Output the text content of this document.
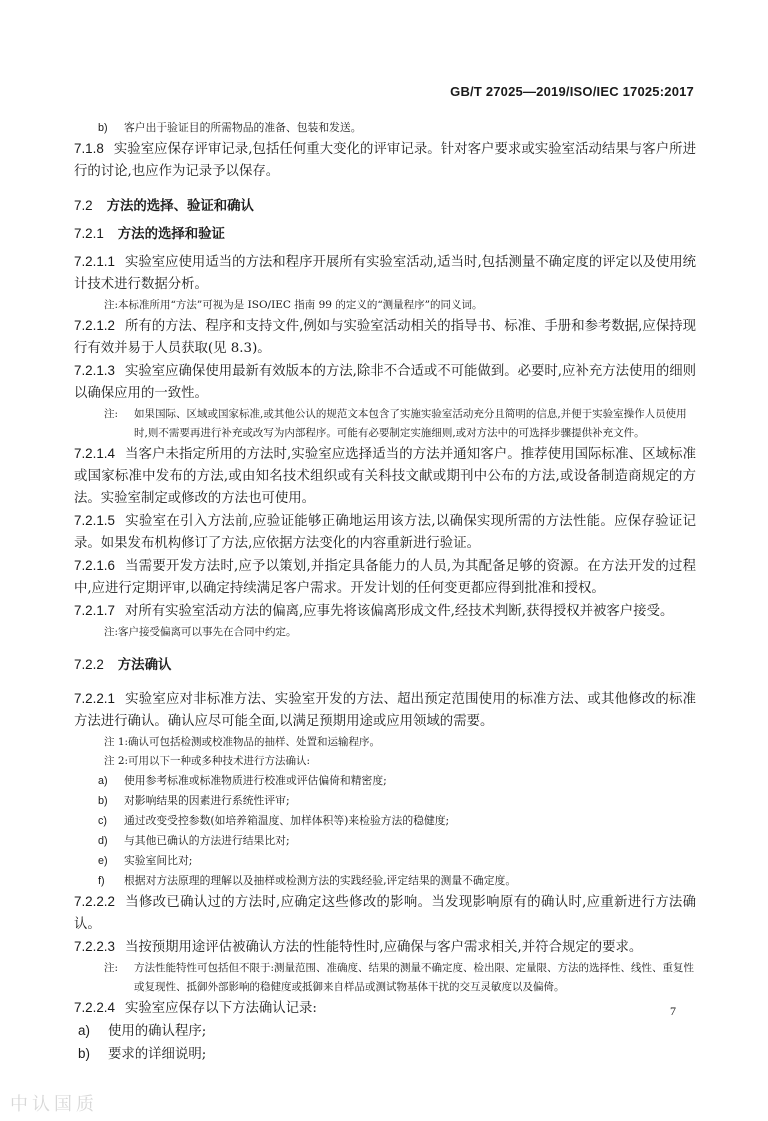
GB/T 27025—2019/ISO/IEC 17025:2017

b) 客户出于验证目的所需物品的准备、包装和发送。

7.1.8 实验室应保存评审记录,包括任何重大变化的评审记录。针对客户要求或实验室活动结果与客户所进行的讨论,也应作为记录予以保存。

7.2 方法的选择、验证和确认

7.2.1 方法的选择和验证

7.2.1.1 实验室应使用适当的方法和程序开展所有实验室活动,适当时,包括测量不确定度的评定以及使用统计技术进行数据分析。

注:本标准所用“方法”可视为是 ISO/IEC 指南 99 的定义的“测量程序”的同义词。

7.2.1.2 所有的方法、程序和支持文件,例如与实验室活动相关的指导书、标准、手册和参考数据,应保持现行有效并易于人员获取(见 8.3)。

7.2.1.3 实验室应确保使用最新有效版本的方法,除非不合适或不可能做到。必要时,应补充方法使用的细则以确保应用的一致性。

注: 如果国际、区域或国家标准,或其他公认的规范文本包含了实施实验室活动充分且简明的信息,并便于实验室操作人员使用时,则不需要再进行补充或改写为内部程序。可能有必要制定实施细则,或对方法中的可选择步骤提供补充文件。

7.2.1.4 当客户未指定所用的方法时,实验室应选择适当的方法并通知客户。推荐使用国际标准、区域标准或国家标准中发布的方法,或由知名技术组织或有关科技文献或期刊中公布的方法,或设备制造商规定的方法。实验室制定或修改的方法也可使用。

7.2.1.5 实验室在引入方法前,应验证能够正确地运用该方法,以确保实现所需的方法性能。应保存验证记录。如果发布机构修订了方法,应依据方法变化的内容重新进行验证。

7.2.1.6 当需要开发方法时,应予以策划,并指定具备能力的人员,为其配备足够的资源。在方法开发的过程中,应进行定期评审,以确定持续满足客户需求。开发计划的任何变更都应得到批准和授权。

7.2.1.7 对所有实验室活动方法的偏离,应事先将该偏离形成文件,经技术判断,获得授权并被客户接受。

注:客户接受偏离可以事先在合同中约定。

7.2.2 方法确认

7.2.2.1 实验室应对非标准方法、实验室开发的方法、超出预定范围使用的标准方法、或其他修改的标准方法进行确认。确认应尽可能全面,以满足预期用途或应用领域的需要。

注 1:确认可包括检测或校准物品的抽样、处置和运输程序。

注 2:可用以下一种或多种技术进行方法确认:

a) 使用参考标准或标准物质进行校准或评估偏倚和精密度;

b) 对影响结果的因素进行系统性评审;

c) 通过改变受控参数(如培养箱温度、加样体积等)来检验方法的稳健度;

d) 与其他已确认的方法进行结果比对;

e) 实验室间比对;

f) 根据对方法原理的理解以及抽样或检测方法的实践经验,评定结果的测量不确定度。

7.2.2.2 当修改已确认过的方法时,应确定这些修改的影响。当发现影响原有的确认时,应重新进行方法确认。

7.2.2.3 当按预期用途评估被确认方法的性能特性时,应确保与客户需求相关,并符合规定的要求。

注: 方法性能特性可包括但不限于:测量范围、准确度、结果的测量不确定度、检出限、定量限、方法的选择性、线性、重复性或复现性、抵御外部影响的稳健度或抵御来自样品或测试物基体干扰的交互灵敏度以及偏倚。

7.2.2.4 实验室应保存以下方法确认记录:

a) 使用的确认程序;

b) 要求的详细说明;

7
中认国质
